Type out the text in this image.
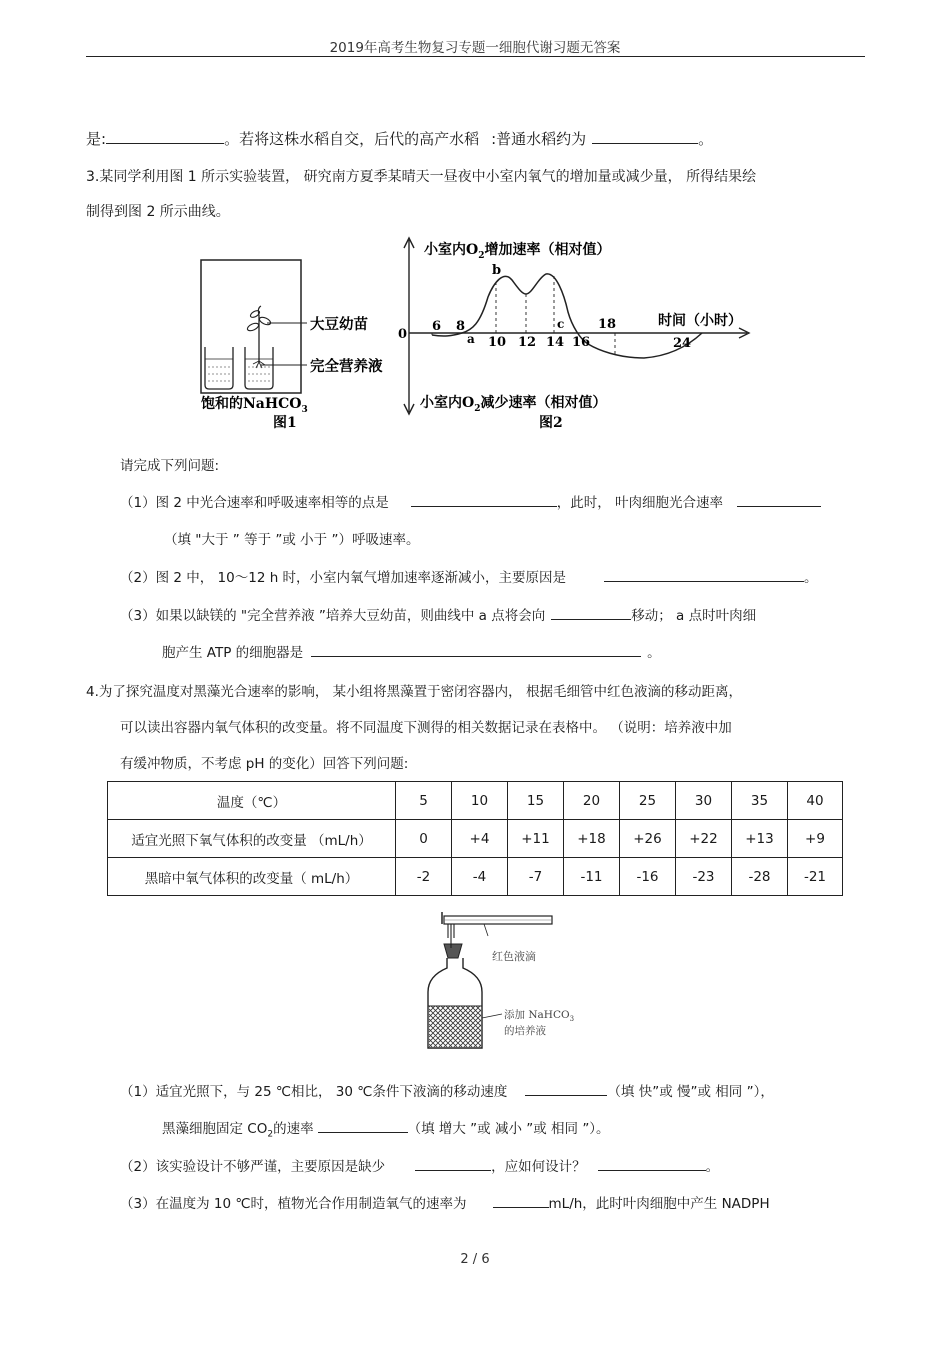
2019年高考生物复习专题一细胞代谢习题无答案
是:	。若将这株水稻自交，后代的高产水稻 :普通水稻约为	。
3.某同学利用图 1 所示实验装置， 研究南方夏季某晴天一昼夜中小室内氧气的增加量或减少量， 所得结果绘
制得到图 2 所示曲线。
大豆幼苗
完全营养液
饱和的NaHCO$_3$
图1
小室内$O_2$增加速率（相对值）
小室内$O_2$减少速率（相对值）
时间（小时）
0
6 8
10 12 14 16
18
24
a
b
c
图2
请完成下列问题:
（1）图 2 中光合速率和呼吸速率相等的点是	，此时， 叶肉细胞光合速率
（填 "大于 ” 等于 ”或 小于 ”）呼吸速率。
（2）图 2 中， 10～12 h 时，小室内氧气增加速率逐渐减小，主要原因是	。
（3）如果以缺镁的 "完全营养液 ”培养大豆幼苗，则曲线中 a 点将会向	移动； a 点时叶肉细
胞产生 ATP 的细胞器是	。
4.为了探究温度对黑藻光合速率的影响， 某小组将黑藻置于密闭容器内， 根据毛细管中红色液滴的移动距离，
可以读出容器内氧气体积的改变量。将不同温度下测得的相关数据记录在表格中。 （说明：培养液中加
有缓冲物质，不考虑 pH 的变化）回答下列问题:
温度（℃）	5	10	15	20	25	30	35	40
适宜光照下氧气体积的改变量 （mL/h）	0	+4	+11	+18	+26	+22	+13	+9
黑暗中氧气体积的改变量（ mL/h）	-2	-4	-7	-11	-16	-23	-28	-21
红色液滴
添加 NaHCO$_3$
的培养液
（1）适宜光照下，与 25 ℃相比， 30 ℃条件下液滴的移动速度	（填 快”或 慢”或 相同 ”），
黑藻细胞固定 $CO_2$的速率	（填 增大 ”或 减小 ”或 相同 ”）。
（2）该实验设计不够严谨，主要原因是缺少	，应如何设计？	。
（3）在温度为 10 ℃时，植物光合作用制造氧气的速率为	mL/h，此时叶肉细胞中产生 NADPH
2 / 6
